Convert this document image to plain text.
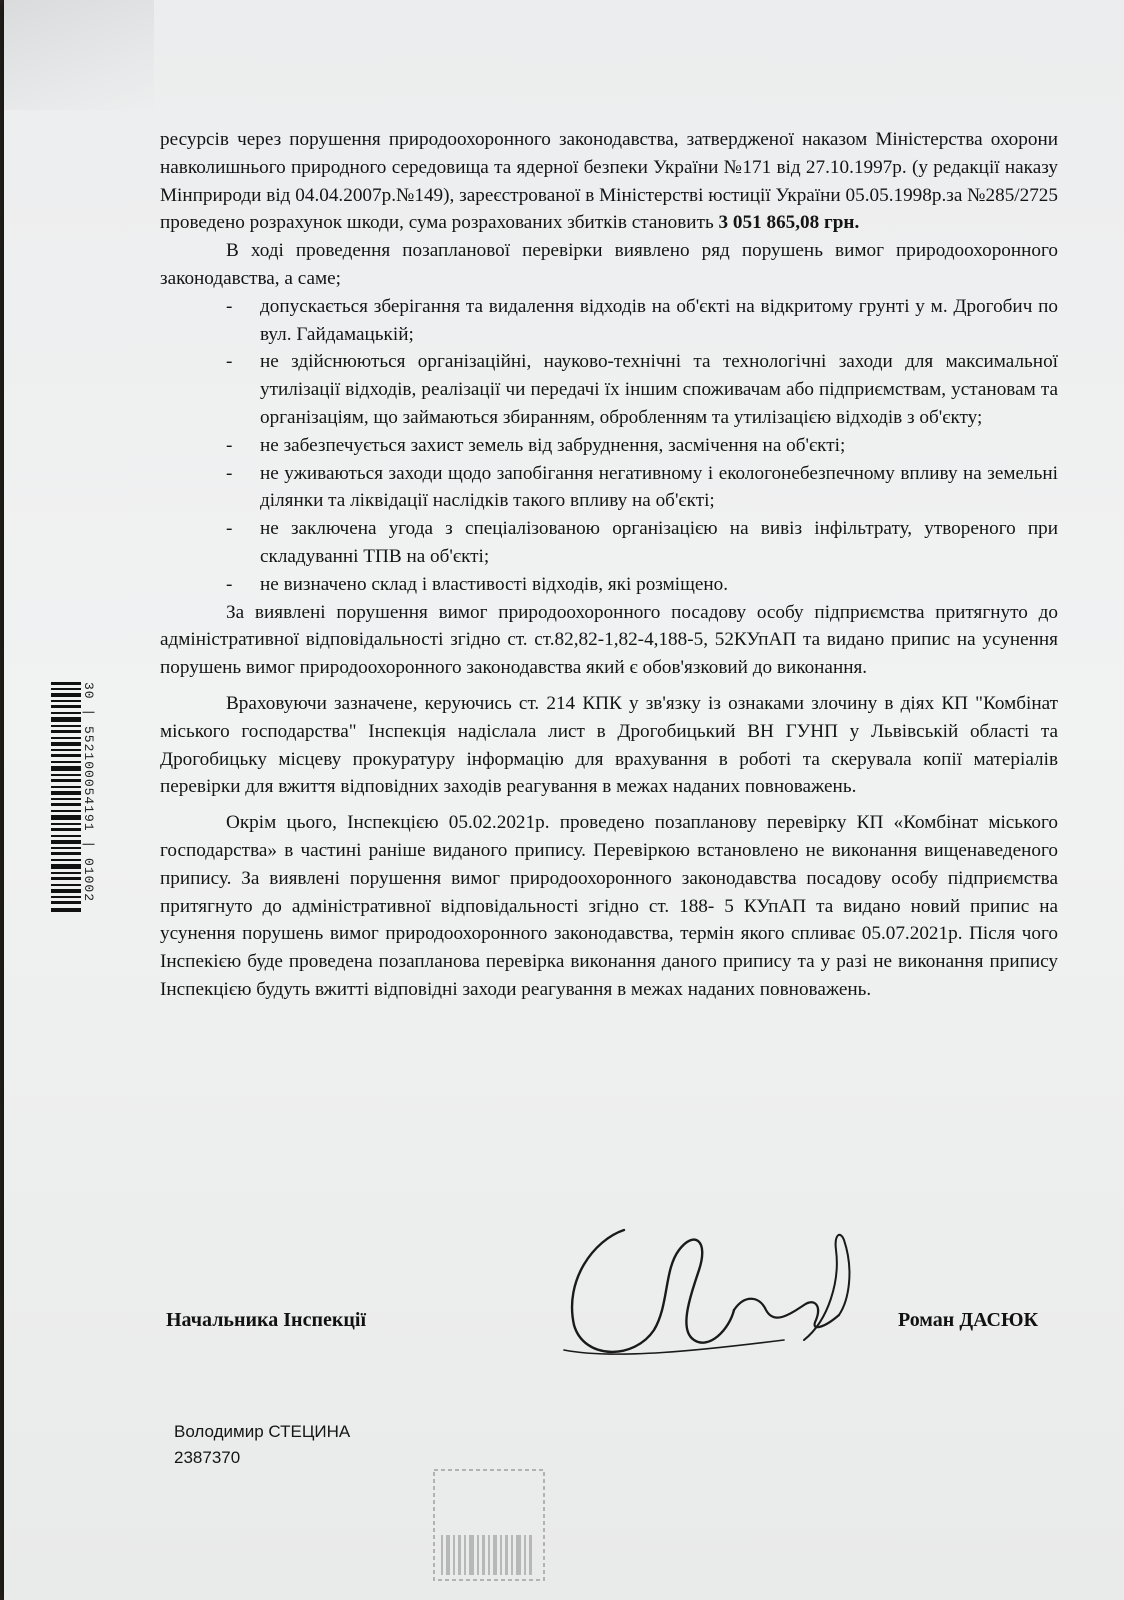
ресурсів через порушення природоохоронного законодавства, затвердженої наказом Міністерства охорони навколишнього природного середовища та ядерної безпеки України №171 від 27.10.1997р. (у редакції наказу Мінприроди від 04.04.2007р.№149), зареєстрованої в Міністерстві юстиції України 05.05.1998р.за №285/2725 проведено розрахунок шкоди, сума розрахованих збитків становить 3 051 865,08 грн.

В ході проведення позапланової перевірки виявлено ряд порушень вимог природоохоронного законодавства, а саме;

- допускається зберігання та видалення відходів на об'єкті на відкритому грунті у м. Дрогобич по вул. Гайдамацькій;
- не здійснюються організаційні, науково-технічні та технологічні заходи для максимальної утилізації відходів, реалізації чи передачі їх іншим споживачам або підприємствам, установам та організаціям, що займаються збиранням, обробленням та утилізацією відходів з об'єкту;
- не забезпечується захист земель від забруднення, засмічення на об'єкті;
- не уживаються заходи щодо запобігання негативному і екологонебезпечному впливу на земельні ділянки та ліквідації наслідків такого впливу на об'єкті;
- не заключена угода з спеціалізованою організацією на вивіз інфільтрату, утвореного при складуванні ТПВ на об'єкті;
- не визначено склад і властивості відходів, які розміщено.

За виявлені порушення вимог природоохоронного посадову особу підприємства притягнуто до адміністративної відповідальності згідно ст. ст.82,82-1,82-4,188-5, 52КУпАП та видано припис на усунення порушень вимог природоохоронного законодавства який є обов'язковий до виконання.

Враховуючи зазначене, керуючись ст. 214 КПК у зв'язку із ознаками злочину в діях КП "Комбінат міського господарства" Інспекція надіслала лист в Дрогобицький ВН ГУНП у Львівській області та Дрогобицьку місцеву прокуратуру інформацію для врахування в роботі та скерувала копії матеріалів перевірки для вжиття відповідних заходів реагування в межах наданих повноважень.

Окрім цього, Інспекцією 05.02.2021р. проведено позапланову перевірку КП «Комбінат міського господарства» в частині раніше виданого припису. Перевіркою встановлено не виконання вищенаведеного припису. За виявлені порушення вимог природоохоронного законодавства посадову особу підприємства притягнуто до адміністративної відповідальності згідно ст. 188- 5 КУпАП та видано новий припис на усунення порушень вимог природоохоронного законодавства, термін якого спливає 05.07.2021р. Після чого Інспекією буде проведена позапланова перевірка виконання даного припису та у разі не виконання припису Інспекцією будуть вжитті відповідні заходи реагування в межах наданих повноважень.

Начальника Інспекції	Роман ДАСЮК
Володимир СТЕЦИНА
2387370
30 | 552100054191 | 01002
